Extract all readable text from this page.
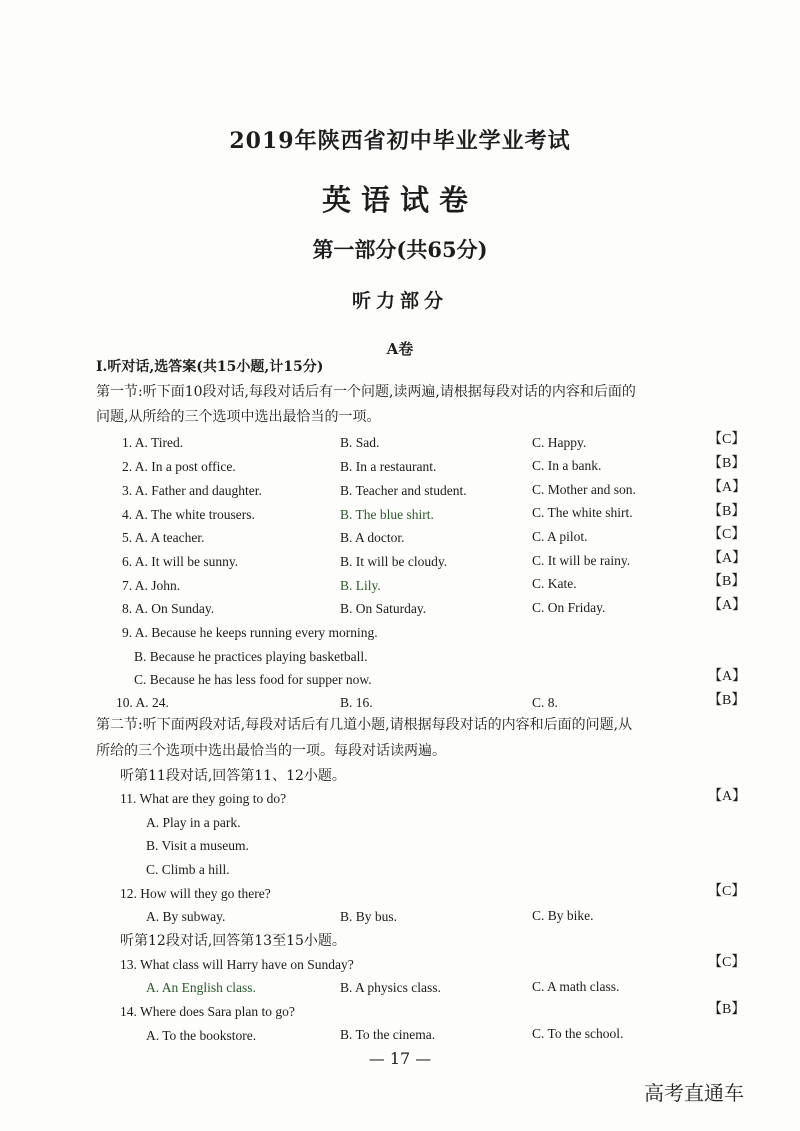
2019年陕西省初中毕业学业考试
英语试卷
第一部分(共65分)
听力部分
A卷
Ⅰ.听对话,选答案(共15小题,计15分)
第一节:听下面10段对话,每段对话后有一个问题,读两遍,请根据每段对话的内容和后面的
问题,从所给的三个选项中选出最恰当的一项。
1. A. Tired.	B. Sad.	C. Happy.	【C】
2. A. In a post office.	B. In a restaurant.	C. In a bank.	【B】
3. A. Father and daughter.	B. Teacher and student.	C. Mother and son.	【A】
4. A. The white trousers.	B. The blue shirt.	C. The white shirt.	【B】
5. A. A teacher.	B. A doctor.	C. A pilot.	【C】
6. A. It will be sunny.	B. It will be cloudy.	C. It will be rainy.	【A】
7. A. John.	B. Lily.	C. Kate.	【B】
8. A. On Sunday.	B. On Saturday.	C. On Friday.	【A】
9. A. Because he keeps running every morning.
B. Because he practices playing basketball.
C. Because he has less food for supper now.	【A】
10. A. 24.	B. 16.	C. 8.	【B】
第二节:听下面两段对话,每段对话后有几道小题,请根据每段对话的内容和后面的问题,从
所给的三个选项中选出最恰当的一项。每段对话读两遍。
听第11段对话,回答第11、12小题。
11. What are they going to do?	【A】
A. Play in a park.
B. Visit a museum.
C. Climb a hill.
12. How will they go there?	【C】
A. By subway.	B. By bus.	C. By bike.
听第12段对话,回答第13至15小题。
13. What class will Harry have on Sunday?	【C】
A. An English class.	B. A physics class.	C. A math class.
14. Where does Sara plan to go?	【B】
A. To the bookstore.	B. To the cinema.	C. To the school.
— 17 —
高考直通车
